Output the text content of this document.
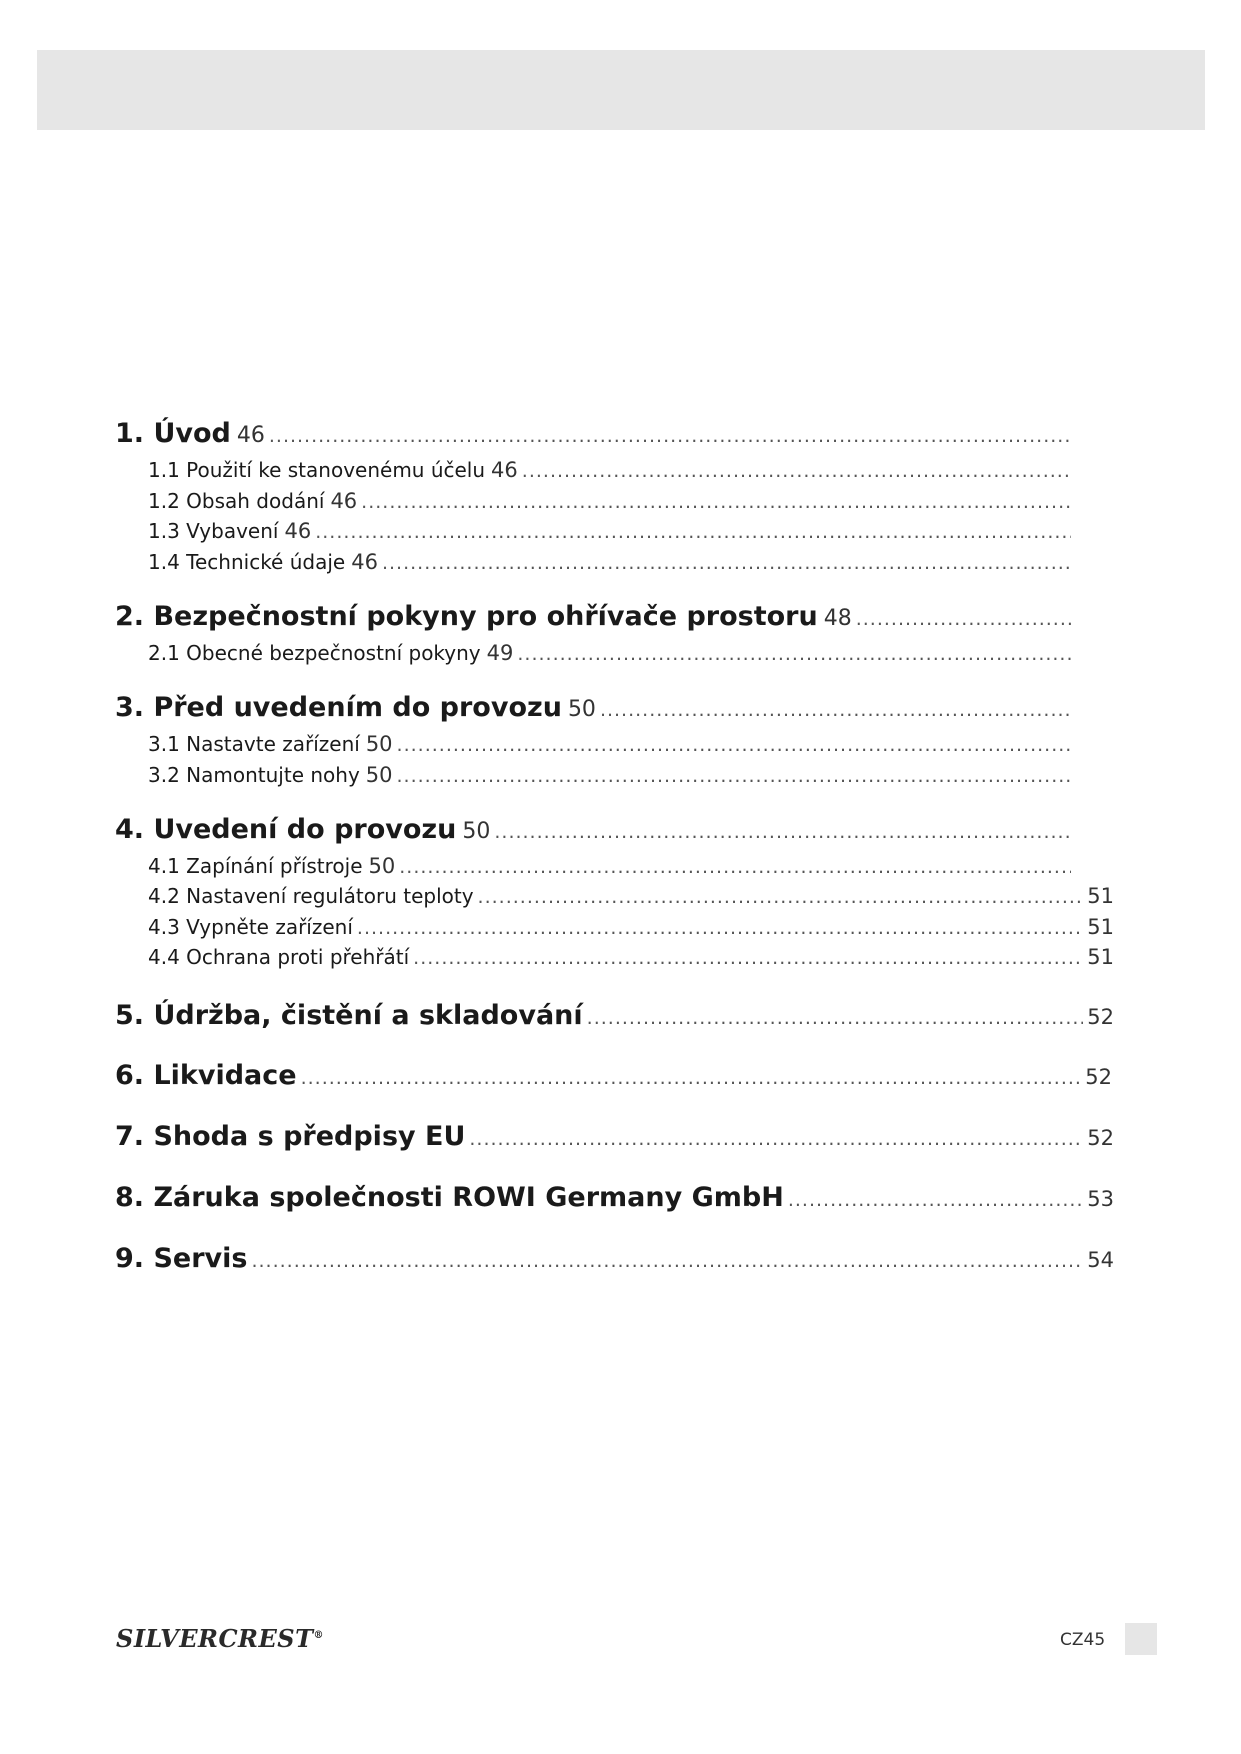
1. Úvod ..... 46
1.1 Použití ke stanovenému účelu ..... 46
1.2 Obsah dodání ..... 46
1.3 Vybavení ..... 46
1.4 Technické údaje ..... 46
2. Bezpečnostní pokyny pro ohřívače prostoru ..... 48
2.1 Obecné bezpečnostní pokyny ..... 49
3. Před uvedením do provozu ..... 50
3.1 Nastavte zařízení ..... 50
3.2 Namontujte nohy ..... 50
4. Uvedení do provozu ..... 50
4.1 Zapínání přístroje ..... 50
4.2 Nastavení regulátoru teploty .....	51
4.3 Vypněte zařízení .....	51
4.4 Ochrana proti přehřátí .....	51
5. Údržba, čistění a skladování .....	52
6. Likvidace .....	52
7. Shoda s předpisy EU .....	52
8. Záruka společnosti ROWI Germany GmbH .....	53
9. Servis .....	54
SILVERCREST®	CZ45
